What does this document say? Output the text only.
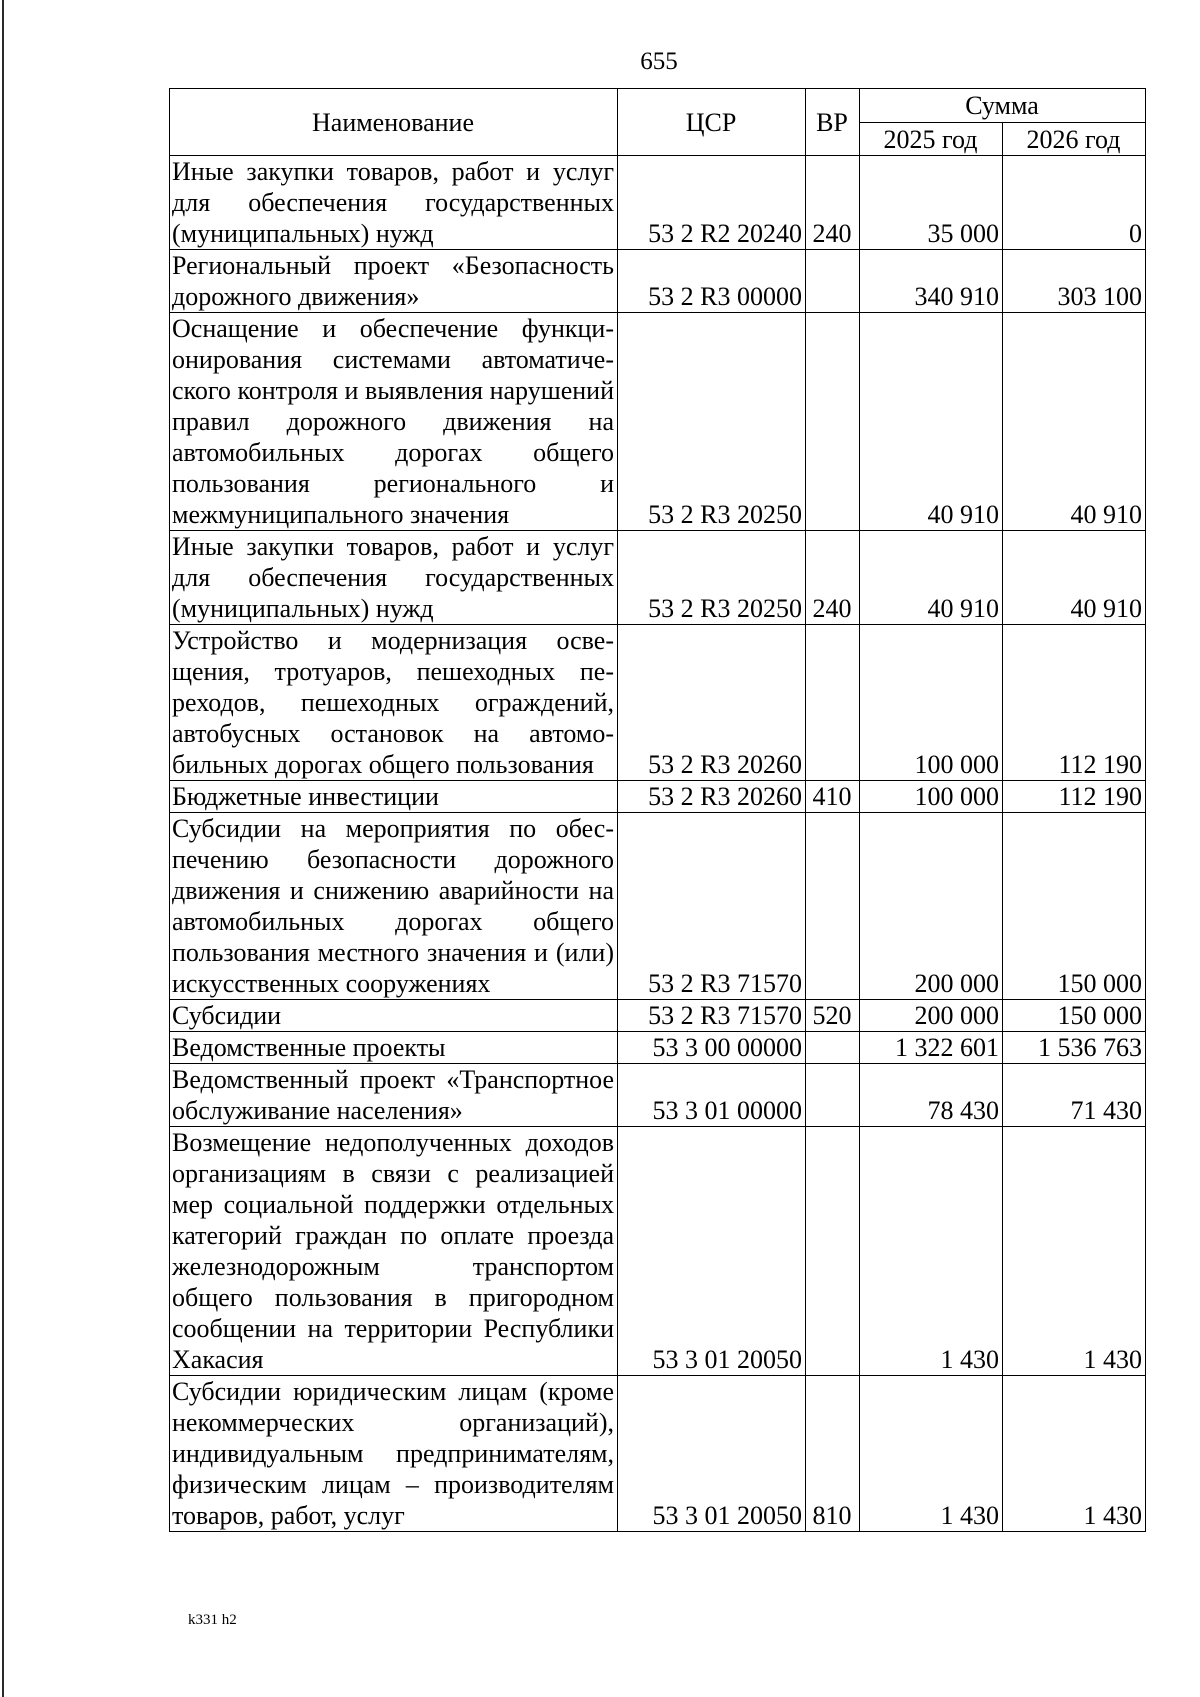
655
Наименование	ЦСР	ВР	Сумма	
			2025 год	2026 год
Иные закупки товаров, работ и услуг для обеспечения государственных (муниципальных) нужд	53 2 R2 20240	240	35 000	0
Региональный проект «Безопасность дорожного движения»	53 2 R3 00000		340 910	303 100
Оснащение и обеспечение функционирования системами автоматического контроля и выявления нарушений правил дорожного движения на автомобильных дорогах общего пользования регионального и межмуниципального значения	53 2 R3 20250		40 910	40 910
Иные закупки товаров, работ и услуг для обеспечения государственных (муниципальных) нужд	53 2 R3 20250	240	40 910	40 910
Устройство и модернизация освещения, тротуаров, пешеходных переходов, пешеходных ограждений, автобусных остановок на автомобильных дорогах общего пользования	53 2 R3 20260		100 000	112 190
Бюджетные инвестиции	53 2 R3 20260	410	100 000	112 190
Субсидии на мероприятия по обеспечению безопасности дорожного движения и снижению аварийности на автомобильных дорогах общего пользования местного значения и (или) искусственных сооружениях	53 2 R3 71570		200 000	150 000
Субсидии	53 2 R3 71570	520	200 000	150 000
Ведомственные проекты	53 3 00 00000		1 322 601	1 536 763
Ведомственный проект «Транспортное обслуживание населения»	53 3 01 00000		78 430	71 430
Возмещение недополученных доходов организациям в связи с реализацией мер социальной поддержки отдельных категорий граждан по оплате проезда железнодорожным транспортом общего пользования в пригородном сообщении на территории Республики Хакасия	53 3 01 20050		1 430	1 430
Субсидии юридическим лицам (кроме некоммерческих организаций), индивидуальным предпринимателям, физическим лицам – производителям товаров, работ, услуг	53 3 01 20050	810	1 430	1 430
k331 h2
